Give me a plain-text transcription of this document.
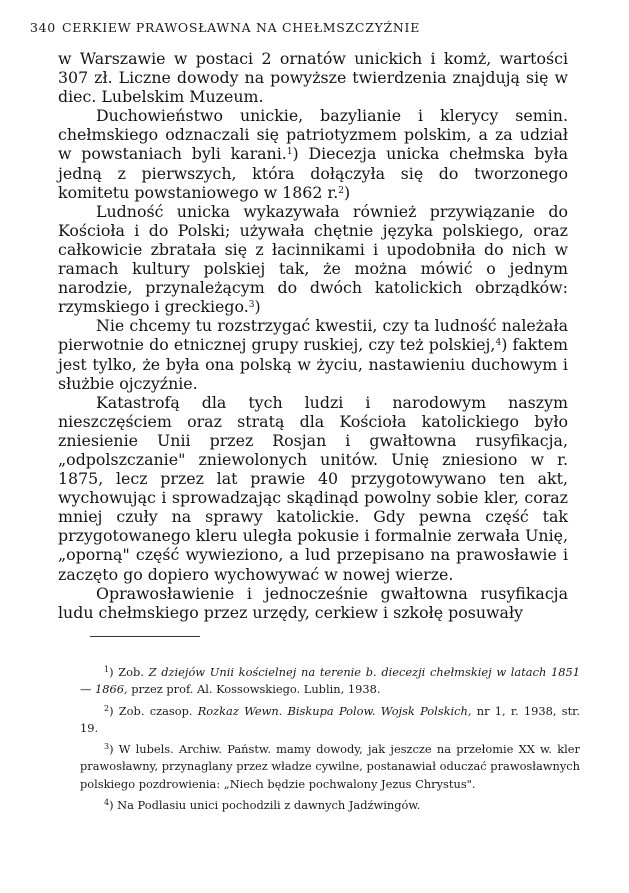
340 CERKIEW PRAWOSŁAWNA NA CHEŁMSZCZYŹNIE

w Warszawie w postaci 2 ornatów unickich i komż, wartości 307 zł. Liczne dowody na powyższe twierdzenia znajdują się w diec. Lubelskim Muzeum.

Duchowieństwo unickie, bazylianie i klerycy semin. chełmskiego odznaczali się patriotyzmem polskim, a za udział w powstaniach byli karani.$^1$) Diecezja unicka chełmska była jedną z pierwszych, która dołączyła się do tworzonego komitetu powstaniowego w 1862 r.$^2$)

Ludność unicka wykazywała również przywiązanie do Kościoła i do Polski; używała chętnie języka polskiego, oraz całkowicie zbratała się z łacinnikami i upodobniła do nich w ramach kultury polskiej tak, że można mówić o jednym narodzie, przynależącym do dwóch katolickich obrządków: rzymskiego i greckiego.$^3$)

Nie chcemy tu rozstrzygać kwestii, czy ta ludność należała pierwotnie do etnicznej grupy ruskiej, czy też polskiej,$^4$) faktem jest tylko, że była ona polską w życiu, nastawieniu duchowym i służbie ojczyźnie.

Katastrofą dla tych ludzi i narodowym naszym nieszczęściem oraz stratą dla Kościoła katolickiego było zniesienie Unii przez Rosjan i gwałtowna rusyfikacja, „odpolszczanie" zniewolonych unitów. Unię zniesiono w r. 1875, lecz przez lat prawie 40 przygotowywano ten akt, wychowując i sprowadzając skądinąd powolny sobie kler, coraz mniej czuły na sprawy katolickie. Gdy pewna część tak przygotowanego kleru uległa pokusie i formalnie zerwała Unię, „oporną" część wywieziono, a lud przepisano na prawosławie i zaczęto go dopiero wychowywać w nowej wierze.

Oprawosławienie i jednocześnie gwałtowna rusyfikacja ludu chełmskiego przez urzędy, cerkiew i szkołę posuwały

$^1$) Zob. Z dziejów Unii kościelnej na terenie b. diecezji chełmskiej w latach 1851 — 1866, przez prof. Al. Kossowskiego. Lublin, 1938.

$^2$) Zob. czasop. Rozkaz Wewn. Biskupa Polow. Wojsk Polskich, nr 1, r. 1938, str. 19.

$^3$) W lubels. Archiw. Państw. mamy dowody, jak jeszcze na przełomie XX w. kler prawosławny, przynaglany przez władze cywilne, postanawiał oduczać prawosławnych polskiego pozdrowienia: „Niech będzie pochwalony Jezus Chrystus".

$^4$) Na Podlasiu unici pochodzili z dawnych Jadźwingów.
